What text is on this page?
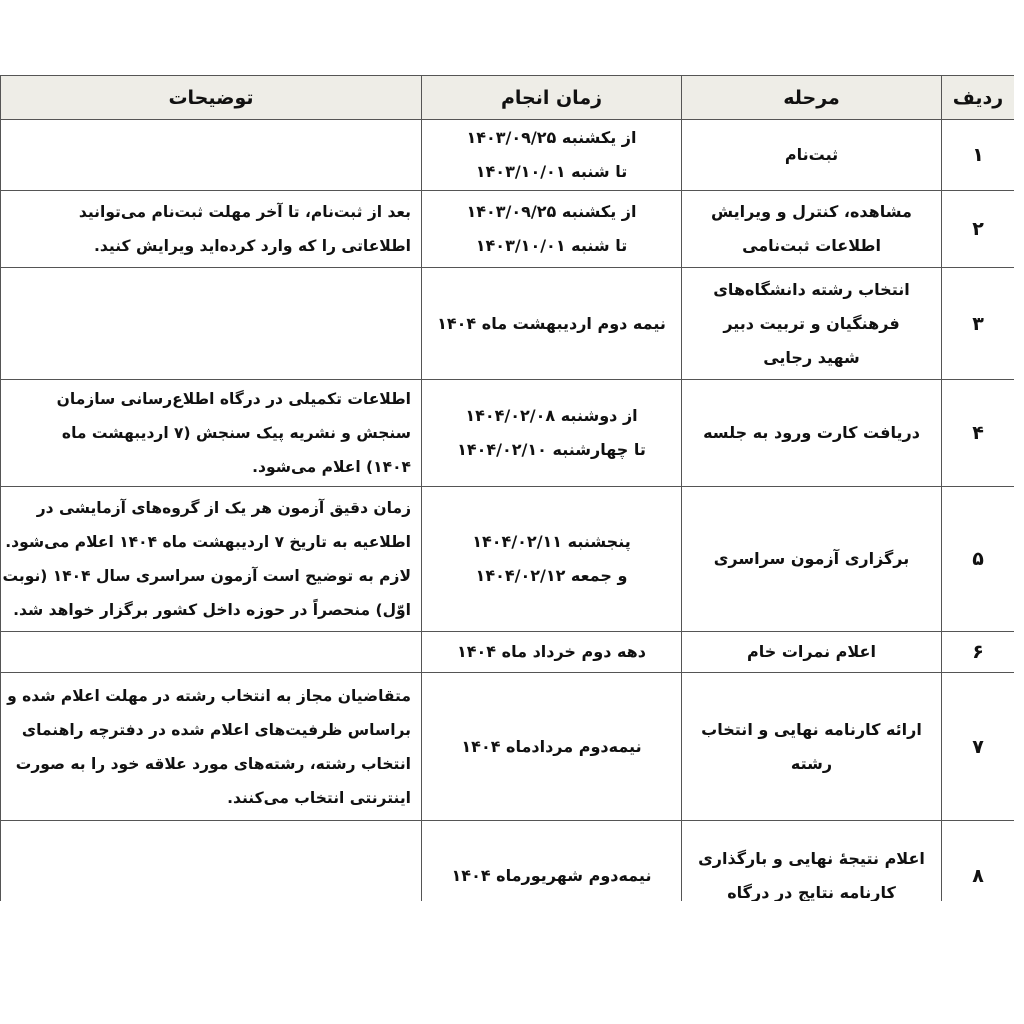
ردیف	مرحله	زمان انجام	توضیحات
۱	ثبت‌نام	از یکشنبه ۱۴۰۳/۰۹/۲۵
تا شنبه ۱۴۰۳/۱۰/۰۱	

۲	مشاهده، کنترل و ویرایش
اطلاعات ثبت‌نامی	از یکشنبه ۱۴۰۳/۰۹/۲۵
تا شنبه ۱۴۰۳/۱۰/۰۱	بعد از ثبت‌نام، تا آخر مهلت ثبت‌نام می‌توانید
اطلاعاتی را که وارد کرده‌اید ویرایش کنید.

۳	انتخاب رشته دانشگاه‌های
فرهنگیان و تربیت دبیر
شهید رجایی	نیمه دوم اردیبهشت ماه ۱۴۰۴	

۴	دریافت کارت ورود به جلسه	از دوشنبه ۱۴۰۴/۰۲/۰۸
تا چهارشنبه ۱۴۰۴/۰۲/۱۰	اطلاعات تکمیلی در درگاه اطلاع‌رسانی سازمان
سنجش و نشریه پیک سنجش (۷ اردیبهشت ماه
۱۴۰۴) اعلام می‌شود.

۵	برگزاری آزمون سراسری	پنجشنبه ۱۴۰۴/۰۲/۱۱
و جمعه ۱۴۰۴/۰۲/۱۲	زمان دقیق آزمون هر یک از گروه‌های آزمایشی در
اطلاعیه به تاریخ ۷ اردیبهشت ماه ۱۴۰۴ اعلام می‌شود.
لازم به توضیح است آزمون سراسری سال ۱۴۰۴ (نوبت
اوّل) منحصراً در حوزه داخل کشور برگزار خواهد شد.

۶	اعلام نمرات خام	دهه دوم خرداد ماه ۱۴۰۴	

۷	ارائه کارنامه نهایی و انتخاب
رشته	نیمه‌دوم مردادماه ۱۴۰۴	متقاضیان مجاز به انتخاب رشته در مهلت اعلام شده و
براساس ظرفیت‌های اعلام شده در دفترچه راهنمای
انتخاب رشته، رشته‌های مورد علاقه خود را به صورت
اینترنتی انتخاب می‌کنند.

۸	اعلام نتیجۀ نهایی و بارگذاری
کارنامه نتایج در درگاه	نیمه‌دوم شهریورماه ۱۴۰۴	
